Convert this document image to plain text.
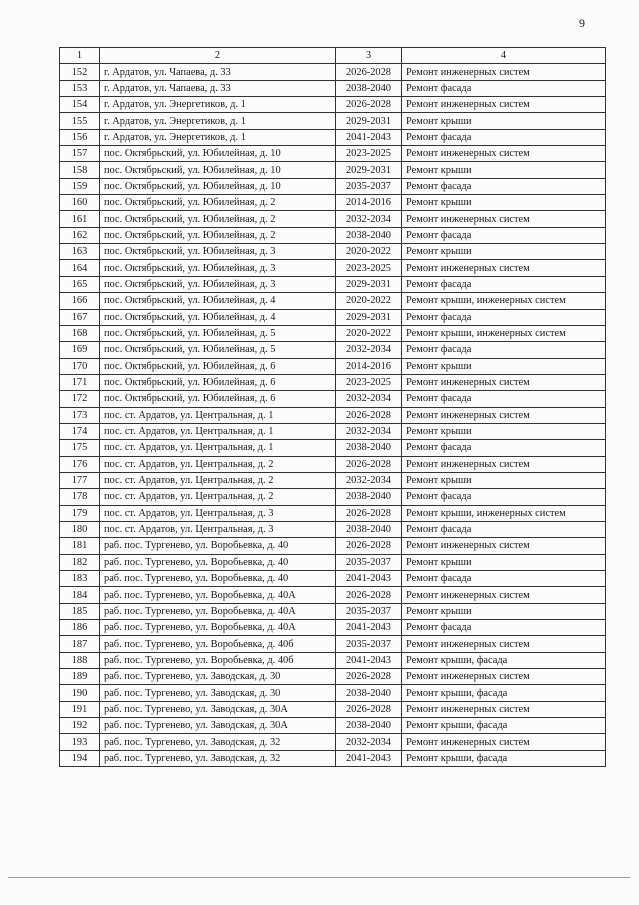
9
1	2	3	4
152	г. Ардатов, ул. Чапаева, д. 33	2026-2028	Ремонт инженерных систем
153	г. Ардатов, ул. Чапаева, д. 33	2038-2040	Ремонт фасада
154	г. Ардатов, ул. Энергетиков, д. 1	2026-2028	Ремонт инженерных систем
155	г. Ардатов, ул. Энергетиков, д. 1	2029-2031	Ремонт крыши
156	г. Ардатов, ул. Энергетиков, д. 1	2041-2043	Ремонт фасада
157	пос. Октябрьский, ул. Юбилейная, д. 10	2023-2025	Ремонт инженерных систем
158	пос. Октябрьский, ул. Юбилейная, д. 10	2029-2031	Ремонт крыши
159	пос. Октябрьский, ул. Юбилейная, д. 10	2035-2037	Ремонт фасада
160	пос. Октябрьский, ул. Юбилейная, д. 2	2014-2016	Ремонт крыши
161	пос. Октябрьский, ул. Юбилейная, д. 2	2032-2034	Ремонт инженерных систем
162	пос. Октябрьский, ул. Юбилейная, д. 2	2038-2040	Ремонт фасада
163	пос. Октябрьский, ул. Юбилейная, д. 3	2020-2022	Ремонт крыши
164	пос. Октябрьский, ул. Юбилейная, д. 3	2023-2025	Ремонт инженерных систем
165	пос. Октябрьский, ул. Юбилейная, д. 3	2029-2031	Ремонт фасада
166	пос. Октябрьский, ул. Юбилейная, д. 4	2020-2022	Ремонт крыши, инженерных систем
167	пос. Октябрьский, ул. Юбилейная, д. 4	2029-2031	Ремонт фасада
168	пос. Октябрьский, ул. Юбилейная, д. 5	2020-2022	Ремонт крыши, инженерных систем
169	пос. Октябрьский, ул. Юбилейная, д. 5	2032-2034	Ремонт фасада
170	пос. Октябрьский, ул. Юбилейная, д. 6	2014-2016	Ремонт крыши
171	пос. Октябрьский, ул. Юбилейная, д. 6	2023-2025	Ремонт инженерных систем
172	пос. Октябрьский, ул. Юбилейная, д. 6	2032-2034	Ремонт фасада
173	пос. ст. Ардатов, ул. Центральная, д. 1	2026-2028	Ремонт инженерных систем
174	пос. ст. Ардатов, ул. Центральная, д. 1	2032-2034	Ремонт крыши
175	пос. ст. Ардатов, ул. Центральная, д. 1	2038-2040	Ремонт фасада
176	пос. ст. Ардатов, ул. Центральная, д. 2	2026-2028	Ремонт инженерных систем
177	пос. ст. Ардатов, ул. Центральная, д. 2	2032-2034	Ремонт крыши
178	пос. ст. Ардатов, ул. Центральная, д. 2	2038-2040	Ремонт фасада
179	пос. ст. Ардатов, ул. Центральная, д. 3	2026-2028	Ремонт крыши, инженерных систем
180	пос. ст. Ардатов, ул. Центральная, д. 3	2038-2040	Ремонт фасада
181	раб. пос. Тургенево, ул. Воробьевка, д. 40	2026-2028	Ремонт инженерных систем
182	раб. пос. Тургенево, ул. Воробьевка, д. 40	2035-2037	Ремонт крыши
183	раб. пос. Тургенево, ул. Воробьевка, д. 40	2041-2043	Ремонт фасада
184	раб. пос. Тургенево, ул. Воробьевка, д. 40А	2026-2028	Ремонт инженерных систем
185	раб. пос. Тургенево, ул. Воробьевка, д. 40А	2035-2037	Ремонт крыши
186	раб. пос. Тургенево, ул. Воробьевка, д. 40А	2041-2043	Ремонт фасада
187	раб. пос. Тургенево, ул. Воробьевка, д. 40б	2035-2037	Ремонт инженерных систем
188	раб. пос. Тургенево, ул. Воробьевка, д. 40б	2041-2043	Ремонт крыши, фасада
189	раб. пос. Тургенево, ул. Заводская, д. 30	2026-2028	Ремонт инженерных систем
190	раб. пос. Тургенево, ул. Заводская, д. 30	2038-2040	Ремонт крыши, фасада
191	раб. пос. Тургенево, ул. Заводская, д. 30А	2026-2028	Ремонт инженерных систем
192	раб. пос. Тургенево, ул. Заводская, д. 30А	2038-2040	Ремонт крыши, фасада
193	раб. пос. Тургенево, ул. Заводская, д. 32	2032-2034	Ремонт инженерных систем
194	раб. пос. Тургенево, ул. Заводская, д. 32	2041-2043	Ремонт крыши, фасада
